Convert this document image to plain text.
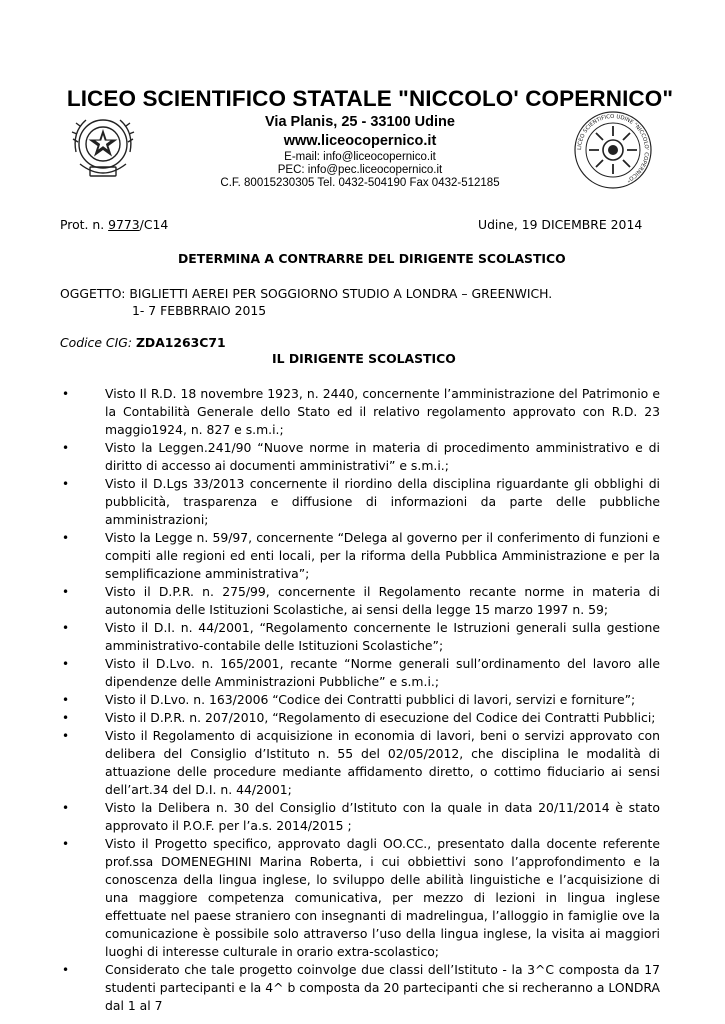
LICEO SCIENTIFICO STATALE "NICCOLO' COPERNICO"
Via Planis, 25 - 33100 Udine
www.liceocopernico.it
E-mail: info@liceocopernico.it
PEC: info@pec.liceocopernico.it
C.F. 80015230305 Tel. 0432-504190 Fax 0432-512185
LICEO SCIENTIFICO UDINE "NICCOLO' COPERNICO"
Prot. n. 9773/C14	Udine, 19 DICEMBRE 2014
DETERMINA A CONTRARRE DEL DIRIGENTE SCOLASTICO
OGGETTO: BIGLIETTI AEREI PER SOGGIORNO STUDIO A LONDRA – GREENWICH.
1- 7 FEBBRRAIO 2015
Codice CIG: ZDA1263C71
IL DIRIGENTE SCOLASTICO
•	Visto Il R.D. 18 novembre 1923, n. 2440, concernente l’amministrazione del Patrimonio e la Contabilità Generale dello Stato ed il relativo regolamento approvato con R.D. 23 maggio1924, n. 827 e s.m.i.;
•	Visto la Leggen.241/90 “Nuove norme in materia di procedimento amministrativo e di diritto di accesso ai documenti amministrativi” e s.m.i.;
•	Visto il D.Lgs 33/2013 concernente il riordino della disciplina riguardante gli obblighi di pubblicità, trasparenza e diffusione di informazioni da parte delle pubbliche amministrazioni;
•	Visto la Legge n. 59/97, concernente “Delega al governo per il conferimento di funzioni e compiti alle regioni ed enti locali, per la riforma della Pubblica Amministrazione e per la semplificazione amministrativa”;
•	Visto il D.P.R. n. 275/99, concernente il Regolamento recante norme in materia di autonomia delle Istituzioni Scolastiche, ai sensi della legge 15 marzo 1997 n. 59;
•	Visto il D.I. n. 44/2001, “Regolamento concernente le Istruzioni generali sulla gestione amministrativo-contabile delle Istituzioni Scolastiche”;
•	Visto il D.Lvo. n. 165/2001, recante “Norme generali sull’ordinamento del lavoro alle dipendenze delle Amministrazioni Pubbliche” e s.m.i.;
•	Visto il D.Lvo. n. 163/2006 “Codice dei Contratti pubblici di lavori, servizi e forniture”;
•	Visto il D.P.R. n. 207/2010, “Regolamento di esecuzione del Codice dei Contratti Pubblici;
•	Visto il Regolamento di acquisizione in economia di lavori, beni o servizi approvato con delibera del Consiglio d’Istituto n. 55 del 02/05/2012, che disciplina le modalità di attuazione delle procedure mediante affidamento diretto, o cottimo fiduciario ai sensi dell’art.34 del D.I. n. 44/2001;
•	Visto la Delibera n. 30 del Consiglio d’Istituto con la quale in data 20/11/2014 è stato approvato il P.O.F. per l’a.s. 2014/2015 ;
•	Visto il Progetto specifico, approvato dagli OO.CC., presentato dalla docente referente prof.ssa DOMENEGHINI Marina Roberta, i cui obbiettivi sono l’approfondimento e la conoscenza della lingua inglese, lo sviluppo delle abilità linguistiche e l’acquisizione di una maggiore competenza comunicativa, per mezzo di lezioni in lingua inglese effettuate nel paese straniero con insegnanti di madrelingua, l’alloggio in famiglie ove la comunicazione è possibile solo attraverso l’uso della lingua inglese, la visita ai maggiori luoghi di interesse culturale in orario extra-scolastico;
•	Considerato che tale progetto coinvolge due classi dell’Istituto - la 3^C composta da 17 studenti partecipanti e la 4^ b composta da 20 partecipanti che si recheranno a LONDRA dal 1 al 7
